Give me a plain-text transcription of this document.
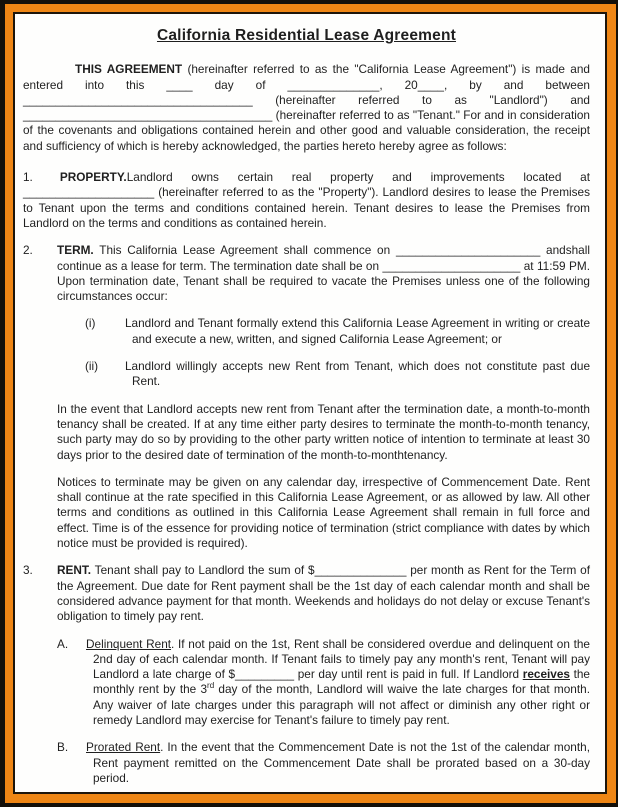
California Residential Lease Agreement

THIS AGREEMENT (hereinafter referred to as the "California Lease Agreement") is made and entered into this ____ day of ______________, 20____, by and between ___________________________________ (hereinafter referred to as "Landlord") and ______________________________________ (hereinafter referred to as "Tenant." For and in consideration of the covenants and obligations contained herein and other good and valuable consideration, the receipt and sufficiency of which is hereby acknowledged, the parties hereto hereby agree as follows:

1. PROPERTY.Landlord owns certain real property and improvements located at ____________________ (hereinafter referred to as the "Property"). Landlord desires to lease the Premises to Tenant upon the terms and conditions contained herein. Tenant desires to lease the Premises from Landlord on the terms and conditions as contained herein.

2.	TERM. This California Lease Agreement shall commence on ______________________ andshall continue as a lease for term. The termination date shall be on _____________________ at 11:59 PM. Upon termination date, Tenant shall be required to vacate the Premises unless one of the following circumstances occur:

(i)	Landlord and Tenant formally extend this California Lease Agreement in writing or create and execute a new, written, and signed California Lease Agreement; or
(ii)	Landlord willingly accepts new Rent from Tenant, which does not constitute past due Rent.

In the event that Landlord accepts new rent from Tenant after the termination date, a month-to-month tenancy shall be created. If at any time either party desires to terminate the month-to-month tenancy, such party may do so by providing to the other party written notice of intention to terminate at least 30 days prior to the desired date of termination of the month-to-monthtenancy.

Notices to terminate may be given on any calendar day, irrespective of Commencement Date. Rent shall continue at the rate specified in this California Lease Agreement, or as allowed by law. All other terms and conditions as outlined in this California Lease Agreement shall remain in full force and effect. Time is of the essence for providing notice of termination (strict compliance with dates by which notice must be provided is required).

3.	RENT. Tenant shall pay to Landlord the sum of $______________ per month as Rent for the Term of the Agreement. Due date for Rent payment shall be the 1st day of each calendar month and shall be considered advance payment for that month. Weekends and holidays do not delay or excuse Tenant's obligation to timely pay rent.

A.	Delinquent Rent. If not paid on the 1st, Rent shall be considered overdue and delinquent on the 2nd day of each calendar month. If Tenant fails to timely pay any month's rent, Tenant will pay Landlord a late charge of $_________ per day until rent is paid in full. If Landlord receives the monthly rent by the 3rd day of the month, Landlord will waive the late charges for that month. Any waiver of late charges under this paragraph will not affect or diminish any other right or remedy Landlord may exercise for Tenant's failure to timely pay rent.
B.	Prorated Rent. In the event that the Commencement Date is not the 1st of the calendar month, Rent payment remitted on the Commencement Date shall be prorated based on a 30-day period.
